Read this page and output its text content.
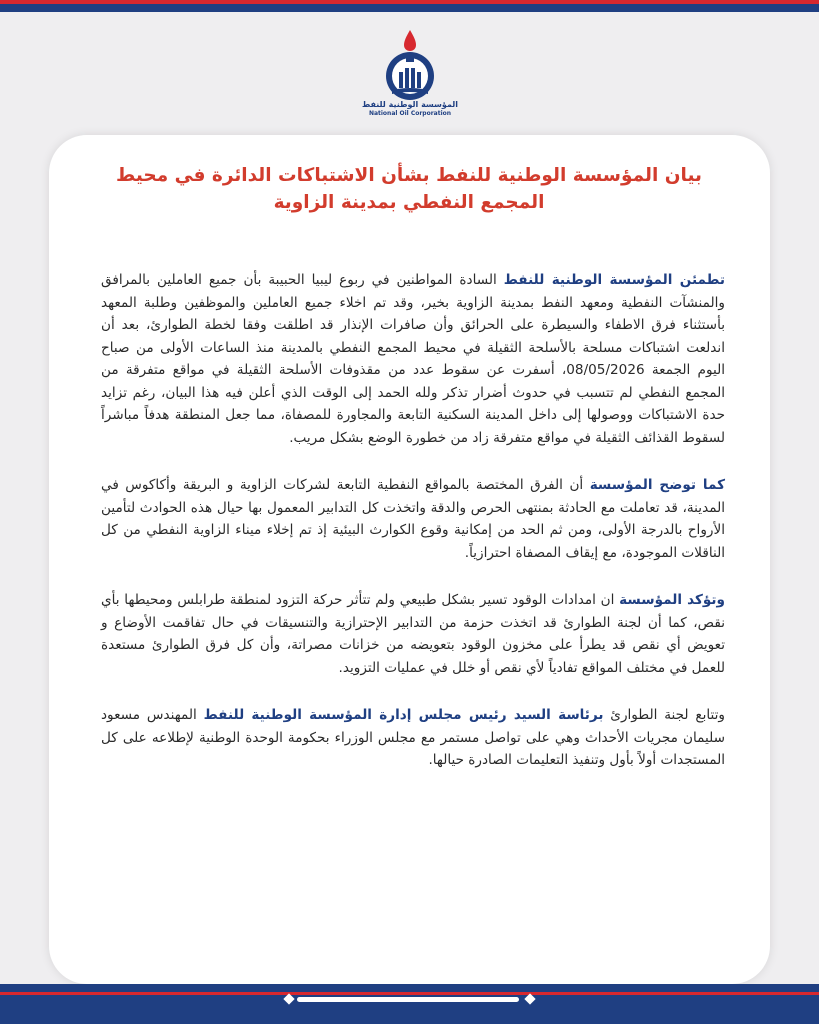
المؤسسة الوطنية للنفط
National Oil Corporation
بيان المؤسسة الوطنية للنفط بشأن الاشتباكات الدائرة في محيط المجمع النفطي بمدينة الزاوية

تطمئن المؤسسة الوطنية للنفط السادة المواطنين في ربوع ليبيا الحبيبة بأن جميع العاملين بالمرافق والمنشآت النفطية ومعهد النفط بمدينة الزاوية بخير، وقد تم اخلاء جميع العاملين والموظفين وطلبة المعهد بأستثناء فرق الاطفاء والسيطرة على الحرائق وأن صافرات الإنذار قد اطلقت وفقا لخطة الطوارئ، بعد أن اندلعت اشتباكات مسلحة بالأسلحة الثقيلة في محيط المجمع النفطي بالمدينة منذ الساعات الأولى من صباح اليوم الجمعة 08/05/2026، أسفرت عن سقوط عدد من مقذوفات الأسلحة الثقيلة في مواقع متفرقة من المجمع النفطي لم تتسبب في حدوث أضرار تذكر ولله الحمد إلى الوقت الذي أعلن فيه هذا البيان، رغم تزايد حدة الاشتباكات ووصولها إلى داخل المدينة السكنية التابعة والمجاورة للمصفاة، مما جعل المنطقة هدفاً مباشراً لسقوط القذائف الثقيلة في مواقع متفرقة زاد من خطورة الوضع بشكل مريب.

كما توضح المؤسسة أن الفرق المختصة بالمواقع النفطية التابعة لشركات الزاوية و البريقة وأكاكوس في المدينة، قد تعاملت مع الحادثة بمنتهى الحرص والدقة واتخذت كل التدابير المعمول بها حيال هذه الحوادث لتأمين الأرواح بالدرجة الأولى، ومن ثم الحد من إمكانية وقوع الكوارث البيئية إذ تم إخلاء ميناء الزاوية النفطي من كل الناقلات الموجودة، مع إيقاف المصفاة احترازياً.

وتؤكد المؤسسة ان امدادات الوقود تسير بشكل طبيعي ولم تتأثر حركة التزود لمنطقة طرابلس ومحيطها بأي نقص، كما أن لجنة الطوارئ قد اتخذت حزمة من التدابير الإحترازية والتنسيقات في حال تفاقمت الأوضاع و تعويض أي نقص قد يطرأ على مخزون الوقود بتعويضه من خزانات مصراتة، وأن كل فرق الطوارئ مستعدة للعمل في مختلف المواقع تفادياً لأي نقص أو خلل في عمليات التزويد.

وتتابع لجنة الطوارئ برئاسة السيد رئيس مجلس إدارة المؤسسة الوطنية للنفط المهندس مسعود سليمان مجريات الأحداث وهي على تواصل مستمر مع مجلس الوزراء بحكومة الوحدة الوطنية لإطلاعه على كل المستجدات أولاً بأول وتنفيذ التعليمات الصادرة حيالها.
